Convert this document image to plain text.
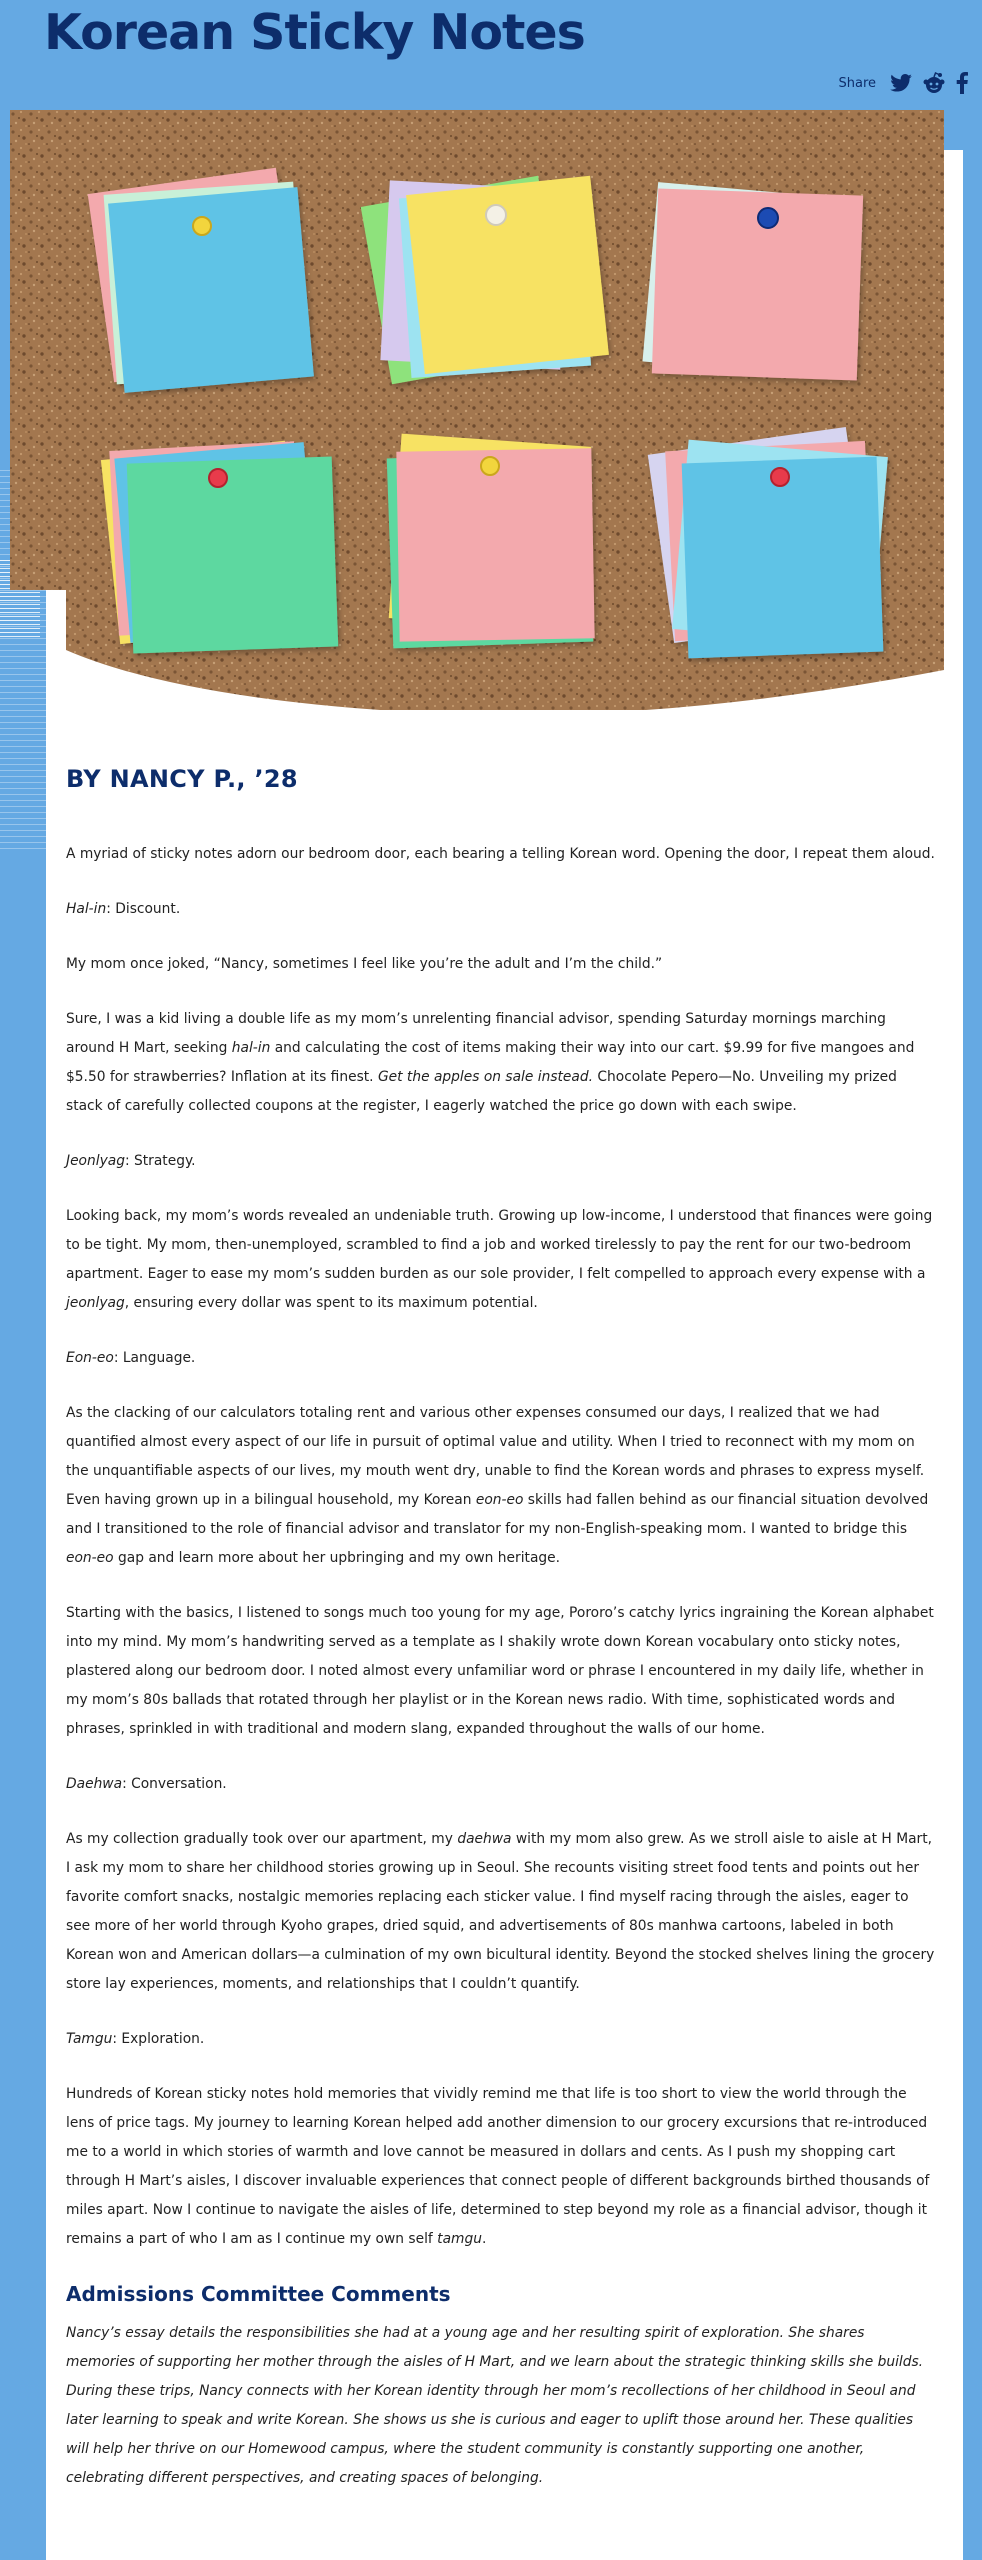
Korean Sticky Notes
Share
BY NANCY P., ’28

A myriad of sticky notes adorn our bedroom door, each bearing a telling Korean word. Opening the door, I repeat them aloud.

Hal-in: Discount.

My mom once joked, “Nancy, sometimes I feel like you’re the adult and I’m the child.”

Sure, I was a kid living a double life as my mom’s unrelenting financial advisor, spending Saturday mornings marching around H Mart, seeking hal-in and calculating the cost of items making their way into our cart. $9.99 for five mangoes and $5.50 for strawberries? Inflation at its finest. Get the apples on sale instead. Chocolate Pepero—No. Unveiling my prized stack of carefully collected coupons at the register, I eagerly watched the price go down with each swipe.

Jeonlyag: Strategy.

Looking back, my mom’s words revealed an undeniable truth. Growing up low-income, I understood that finances were going to be tight. My mom, then-unemployed, scrambled to find a job and worked tirelessly to pay the rent for our two-bedroom apartment. Eager to ease my mom’s sudden burden as our sole provider, I felt compelled to approach every expense with a jeonlyag, ensuring every dollar was spent to its maximum potential.

Eon-eo: Language.

As the clacking of our calculators totaling rent and various other expenses consumed our days, I realized that we had quantified almost every aspect of our life in pursuit of optimal value and utility. When I tried to reconnect with my mom on the unquantifiable aspects of our lives, my mouth went dry, unable to find the Korean words and phrases to express myself. Even having grown up in a bilingual household, my Korean eon-eo skills had fallen behind as our financial situation devolved and I transitioned to the role of financial advisor and translator for my non-English-speaking mom. I wanted to bridge this eon-eo gap and learn more about her upbringing and my own heritage.

Starting with the basics, I listened to songs much too young for my age, Pororo’s catchy lyrics ingraining the Korean alphabet into my mind. My mom’s handwriting served as a template as I shakily wrote down Korean vocabulary onto sticky notes, plastered along our bedroom door. I noted almost every unfamiliar word or phrase I encountered in my daily life, whether in my mom’s 80s ballads that rotated through her playlist or in the Korean news radio. With time, sophisticated words and phrases, sprinkled in with traditional and modern slang, expanded throughout the walls of our home.

Daehwa: Conversation.

As my collection gradually took over our apartment, my daehwa with my mom also grew. As we stroll aisle to aisle at H Mart, I ask my mom to share her childhood stories growing up in Seoul. She recounts visiting street food tents and points out her favorite comfort snacks, nostalgic memories replacing each sticker value. I find myself racing through the aisles, eager to see more of her world through Kyoho grapes, dried squid, and advertisements of 80s manhwa cartoons, labeled in both Korean won and American dollars—a culmination of my own bicultural identity. Beyond the stocked shelves lining the grocery store lay experiences, moments, and relationships that I couldn’t quantify.

Tamgu: Exploration.

Hundreds of Korean sticky notes hold memories that vividly remind me that life is too short to view the world through the lens of price tags. My journey to learning Korean helped add another dimension to our grocery excursions that re-introduced me to a world in which stories of warmth and love cannot be measured in dollars and cents. As I push my shopping cart through H Mart’s aisles, I discover invaluable experiences that connect people of different backgrounds birthed thousands of miles apart. Now I continue to navigate the aisles of life, determined to step beyond my role as a financial advisor, though it remains a part of who I am as I continue my own self tamgu.

Admissions Committee Comments

Nancy’s essay details the responsibilities she had at a young age and her resulting spirit of exploration. She shares memories of supporting her mother through the aisles of H Mart, and we learn about the strategic thinking skills she builds. During these trips, Nancy connects with her Korean identity through her mom’s recollections of her childhood in Seoul and later learning to speak and write Korean. She shows us she is curious and eager to uplift those around her. These qualities will help her thrive on our Homewood campus, where the student community is constantly supporting one another, celebrating different perspectives, and creating spaces of belonging.
